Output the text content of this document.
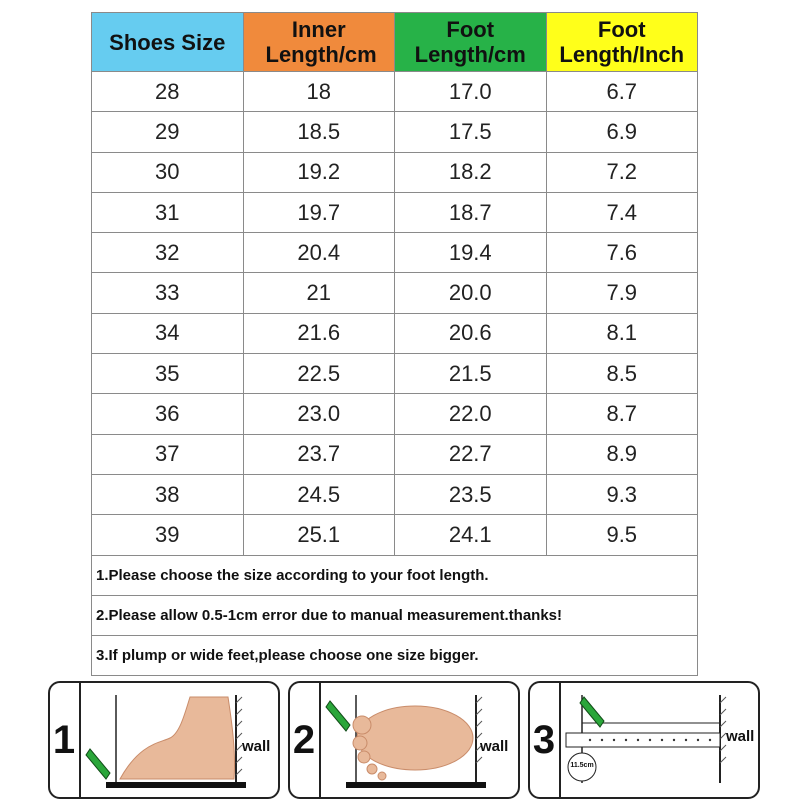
Shoes Size	Inner Length/cm	Foot Length/cm	Foot Length/Inch
28	18	17.0	6.7
29	18.5	17.5	6.9
30	19.2	18.2	7.2
31	19.7	18.7	7.4
32	20.4	19.4	7.6
33	21	20.0	7.9
34	21.6	20.6	8.1
35	22.5	21.5	8.5
36	23.0	22.0	8.7
37	23.7	22.7	8.9
38	24.5	23.5	9.3
39	25.1	24.1	9.5
1.Please choose the size according to your foot length.			
2.Please allow 0.5-1cm error due to manual measurement.thanks!			
3.If plump or wide feet,please choose one size bigger.			
1	wall 2	wall 3
11.5cm
wall
